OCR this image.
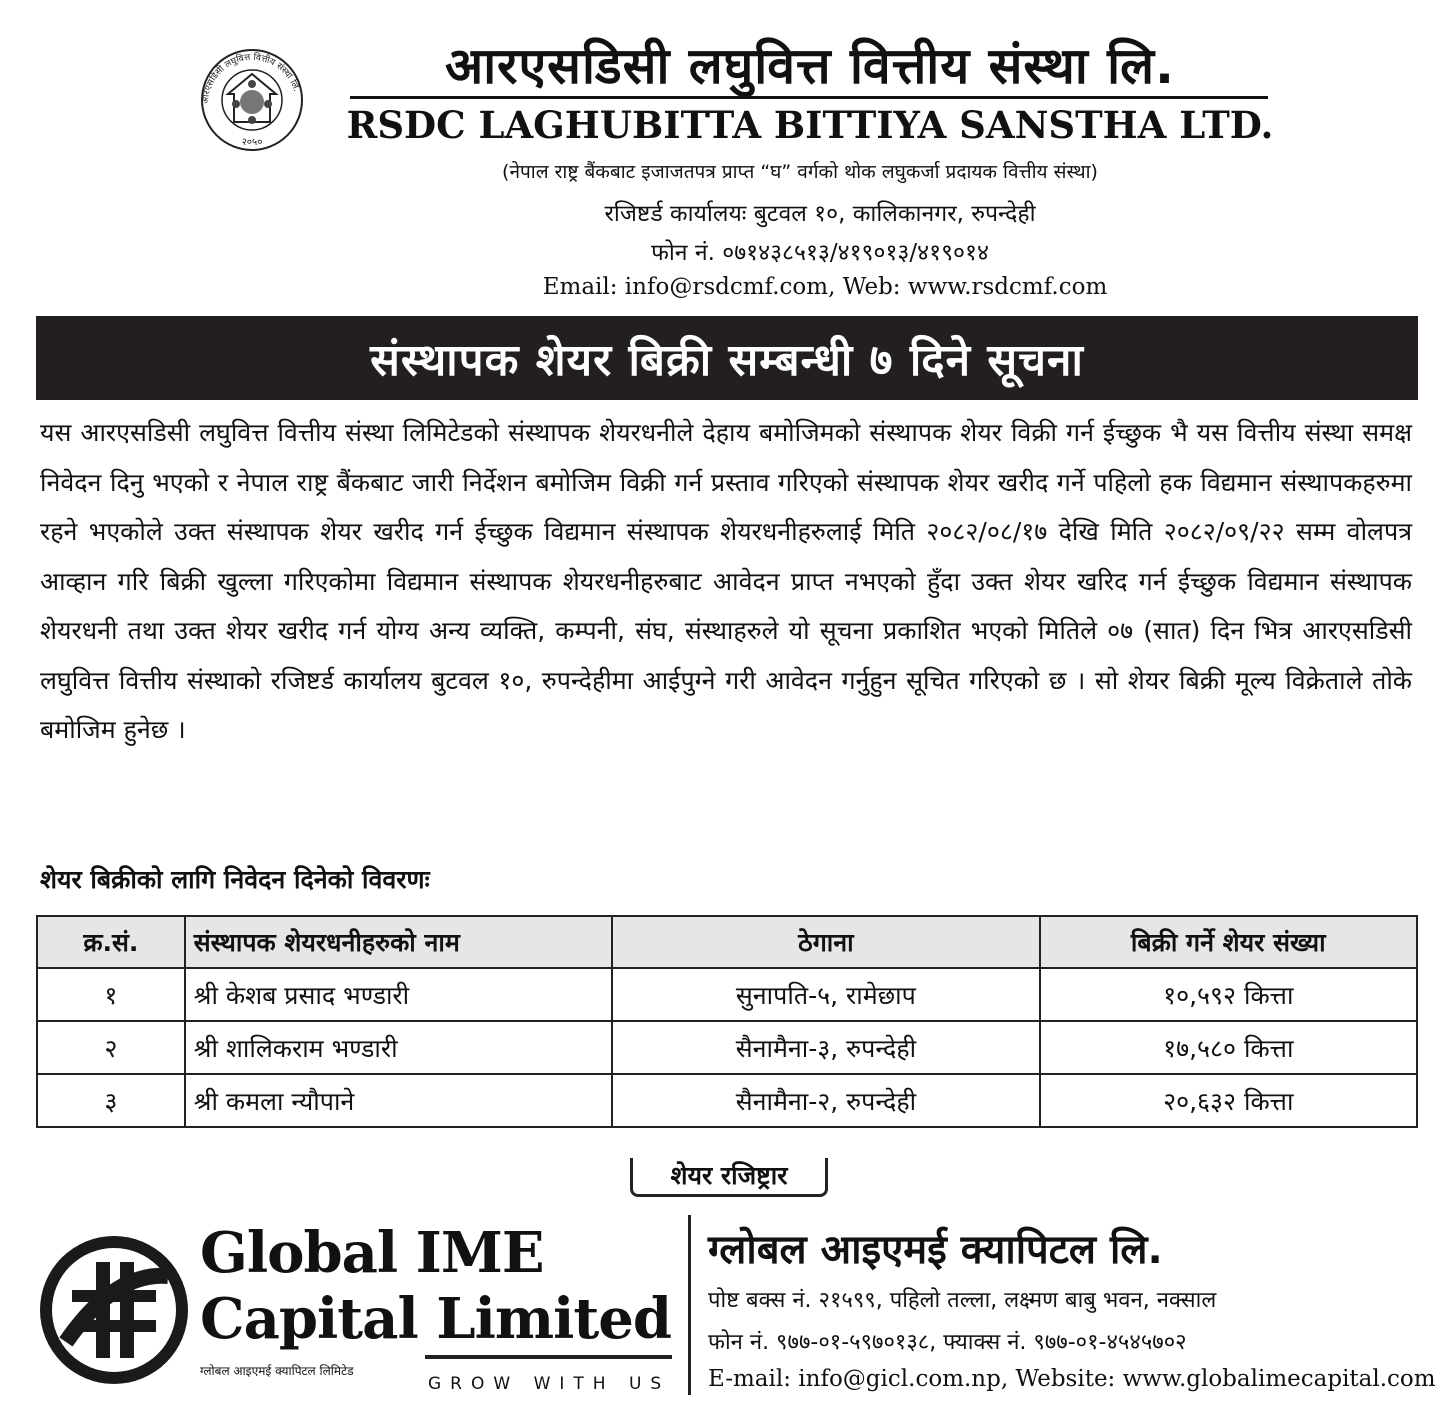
आरएसडिसी लघुवित्त वित्तीय संस्था लि.
२०५०
आरएसडिसी लघुवित्त वित्तीय संस्था लि.
RSDC LAGHUBITTA BITTIYA SANSTHA LTD.
(नेपाल राष्ट्र बैंकबाट इजाजतपत्र प्राप्त “घ” वर्गको थोक लघुकर्जा प्रदायक वित्तीय संस्था)
रजिष्टर्ड कार्यालयः बुटवल १०, कालिकानगर, रुपन्देही
फोन नं. ०७१४३८५१३/४१९०१३/४१९०१४
Email: info@rsdcmf.com, Web: www.rsdcmf.com
संस्थापक शेयर बिक्री सम्बन्धी ७ दिने सूचना
यस आरएसडिसी लघुवित्त वित्तीय संस्था लिमिटेडको संस्थापक शेयरधनीले देहाय बमोजिमको संस्थापक शेयर विक्री गर्न ईच्छुक भै यस वित्तीय संस्था समक्ष निवेदन दिनु भएको र नेपाल राष्ट्र बैंकबाट जारी निर्देशन बमोजिम विक्री गर्न प्रस्ताव गरिएको संस्थापक शेयर खरीद गर्ने पहिलो हक विद्यमान संस्थापकहरुमा रहने भएकोले उक्त संस्थापक शेयर खरीद गर्न ईच्छुक विद्यमान संस्थापक शेयरधनीहरुलाई मिति २०८२/०८/१७ देखि मिति २०८२/०९/२२ सम्म वोलपत्र आव्हान गरि बिक्री खुल्ला गरिएकोमा विद्यमान संस्थापक शेयरधनीहरुबाट आवेदन प्राप्त नभएको हुँदा उक्त शेयर खरिद गर्न ईच्छुक विद्यमान संस्थापक शेयरधनी तथा उक्त शेयर खरीद गर्न योग्य अन्य व्यक्ति, कम्पनी, संघ, संस्थाहरुले यो सूचना प्रकाशित भएको मितिले ०७ (सात) दिन भित्र आरएसडिसी लघुवित्त वित्तीय संस्थाको रजिष्टर्ड कार्यालय बुटवल १०, रुपन्देहीमा आईपुग्ने गरी आवेदन गर्नुहुन सूचित गरिएको छ । सो शेयर बिक्री मूल्य विक्रेताले तोके बमोजिम हुनेछ ।
शेयर बिक्रीको लागि निवेदन दिनेको विवरणः
क्र.सं.	संस्थापक शेयरधनीहरुको नाम	ठेगाना	बिक्री गर्ने शेयर संख्या
१	श्री केशब प्रसाद भण्डारी	सुनापति-५, रामेछाप	१०,५९२ कित्ता
२	श्री शालिकराम भण्डारी	सैनामैना-३, रुपन्देही	१७,५८० कित्ता
३	श्री कमला न्यौपाने	सैनामैना-२, रुपन्देही	२०,६३२ कित्ता
शेयर रजिष्ट्रार
Global IME
Capital Limited
ग्लोबल आइएमई क्यापिटल लिमिटेड
GROW WITH US
ग्लोबल आइएमई क्यापिटल लि.
पोष्ट बक्स नं. २१५९९, पहिलो तल्ला, लक्ष्मण बाबु भवन, नक्साल
फोन नं. ९७७-०१-५९७०१३८, फ्याक्स नं. ९७७-०१-४५४५७०२
E-mail: info@gicl.com.np, Website: www.globalimecapital.com
